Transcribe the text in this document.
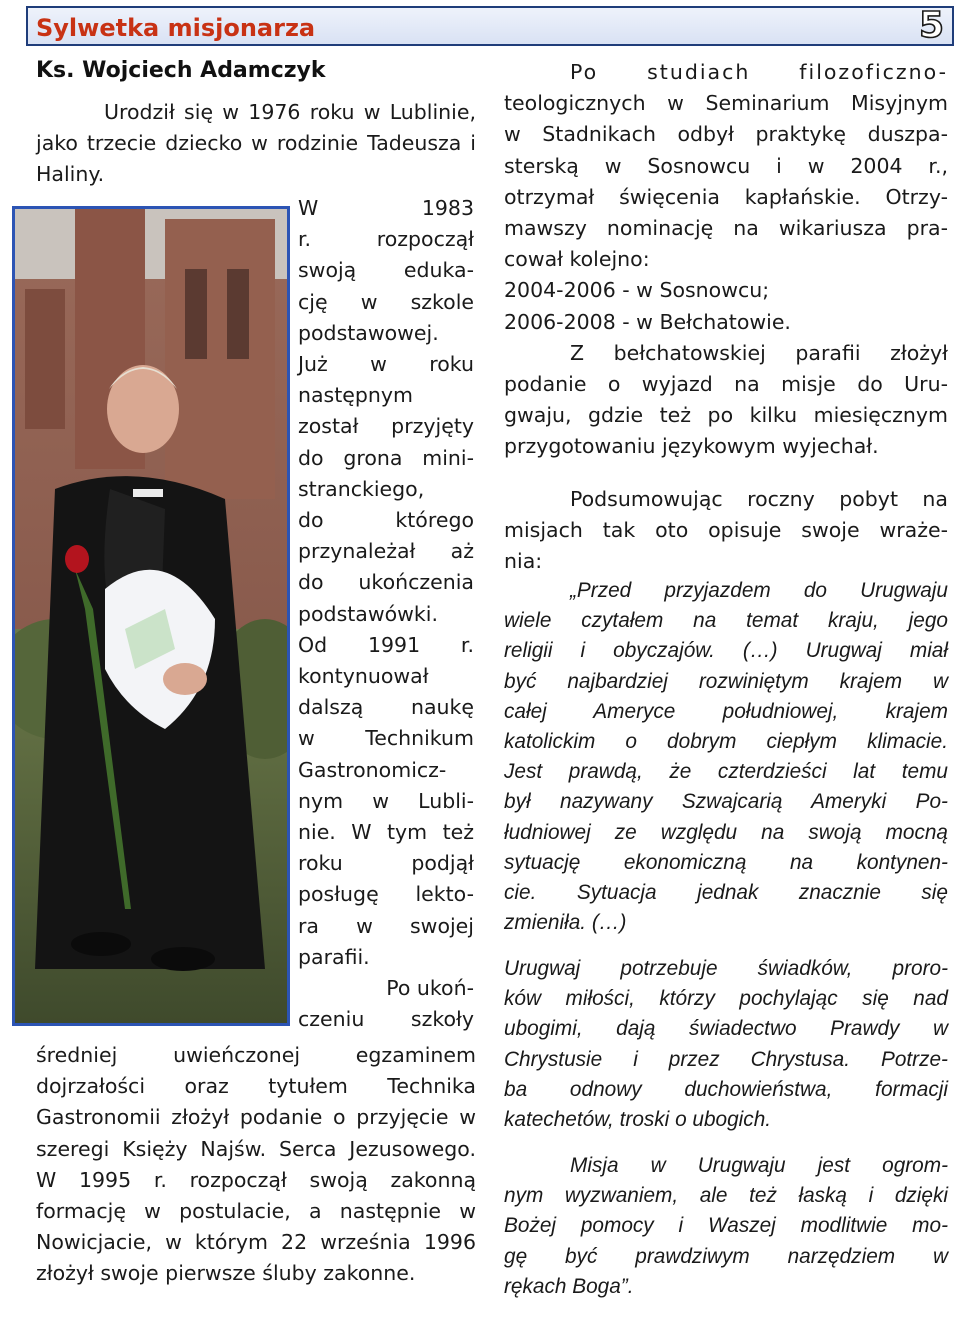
Sylwetka misjonarza	5
Ks. Wojciech Adamczyk

Urodził się w 1976 roku w Lublinie, jako trzecie dziecko w rodzinie Tadeusza i Haliny.

W 1983

r. rozpoczął

swoją eduka-

cję w szkole

podstawowej.

Już w roku

następnym

został przyjęty

do grona mini-

stranckiego,

do którego

przynależał aż

do ukończenia

podstawówki.

Od 1991 r.

kontynuował

dalszą naukę

w Technikum

Gastronomicz-

nym w Lubli-

nie. W tym też

roku podjął

posługę lekto-

ra w swojej

parafii.

Po ukoń-

czeniu szkoły

średniej uwieńczonej egzaminem dojrzałości oraz tytułem Technika Gastronomii złożył podanie o przyjęcie w szeregi Księży Najśw. Serca Jezusowego. W 1995 r. rozpoczął swoją zakonną formację w postulacie, a następnie w Nowicjacie, w którym 22 września 1996 złożył swoje pierwsze śluby zakonne.

Po studiach filozoficzno-

teologicznych w Seminarium Misyjnym

w Stadnikach odbył praktykę duszpa-

sterską w Sosnowcu i w 2004 r.,

otrzymał święcenia kapłańskie. Otrzy-

mawszy nominację na wikariusza pra-

cował kolejno:

2004-2006 - w Sosnowcu;

2006-2008 - w Bełchatowie.

Z bełchatowskiej parafii złożył

podanie o wyjazd na misje do Uru-

gwaju, gdzie też po kilku miesięcznym

przygotowaniu językowym wyjechał.

Podsumowując roczny pobyt na

misjach tak oto opisuje swoje wraże-

nia:

„Przed przyjazdem do Urugwaju

wiele czytałem na temat kraju, jego

religii i obyczajów. (…) Urugwaj miał

być najbardziej rozwiniętym krajem w

całej Ameryce południowej, krajem

katolickim o dobrym ciepłym klimacie.

Jest prawdą, że czterdzieści lat temu

był nazywany Szwajcarią Ameryki Po-

łudniowej ze względu na swoją mocną

sytuację ekonomiczną na kontynen-

cie. Sytuacja jednak znacznie się

zmieniła. (…)

Urugwaj potrzebuje świadków, proro-

ków miłości, którzy pochylając się nad

ubogimi, dają świadectwo Prawdy w

Chrystusie i przez Chrystusa. Potrze-

ba odnowy duchowieństwa, formacji

katechetów, troski o ubogich.

Misja w Urugwaju jest ogrom-

nym wyzwaniem, ale też łaską i dzięki

Bożej pomocy i Waszej modlitwie mo-

gę być prawdziwym narzędziem w

rękach Boga”.
